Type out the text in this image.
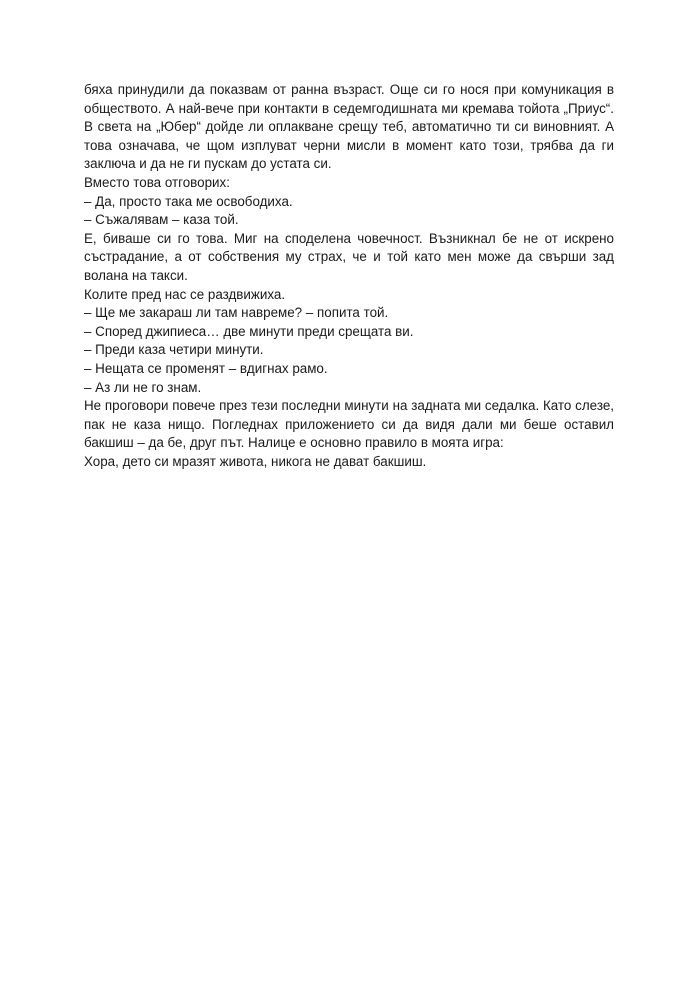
бяха принудили да показвам от ранна възраст. Още си го нося при комуникация в обществото. А най-вече при контакти в седемгодишната ми кремава тойота „Приус“. В света на „Юбер“ дойде ли оплакване срещу теб, автоматично ти си виновният. А това означава, че щом изплуват черни мисли в момент като този, трябва да ги заключа и да не ги пускам до устата си.

Вместо това отговорих:

– Да, просто така ме освободиха.

– Съжалявам – каза той.

Е, биваше си го това. Миг на споделена човечност. Възникнал бе не от искрено състрадание, а от собствения му страх, че и той като мен може да свърши зад волана на такси.

Колите пред нас се раздвижиха.

– Ще ме закараш ли там навреме? – попита той.

– Според джипиеса… две минути преди срещата ви.

– Преди каза четири минути.

– Нещата се променят – вдигнах рамо.

– Аз ли не го знам.

Не проговори повече през тези последни минути на задната ми седалка. Като слезе, пак не каза нищо. Погледнах приложението си да видя дали ми беше оставил бакшиш – да бе, друг път. Налице е основно правило в моята игра:

Хора, дето си мразят живота, никога не дават бакшиш.
